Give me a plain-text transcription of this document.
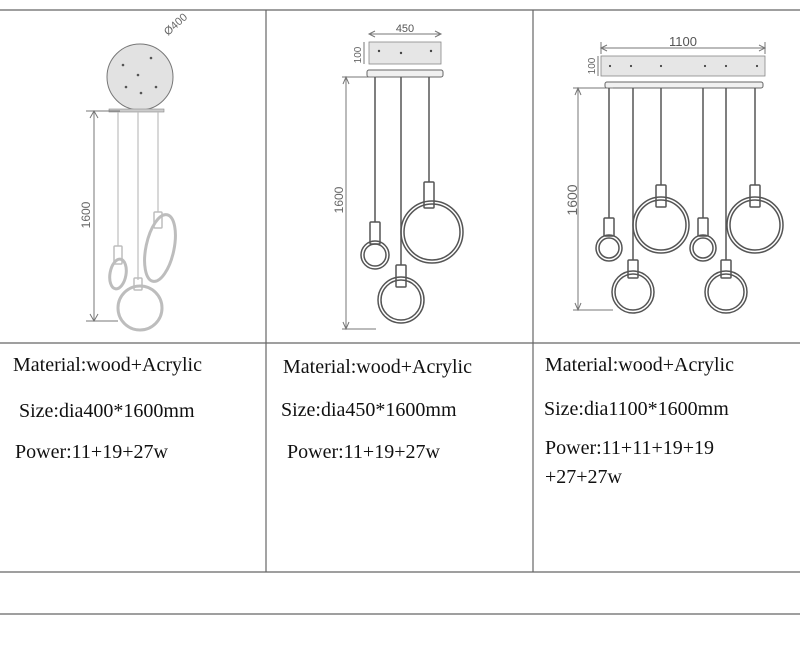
Ø400
1600
450
100
1600
1100
100
1600
Material:wood+Acrylic
Size:dia400*1600mm
Power:11+19+27w
Material:wood+Acrylic
Size:dia450*1600mm
Power:11+19+27w
Material:wood+Acrylic
Size:dia1100*1600mm
Power:11+11+19+19
+27+27w
